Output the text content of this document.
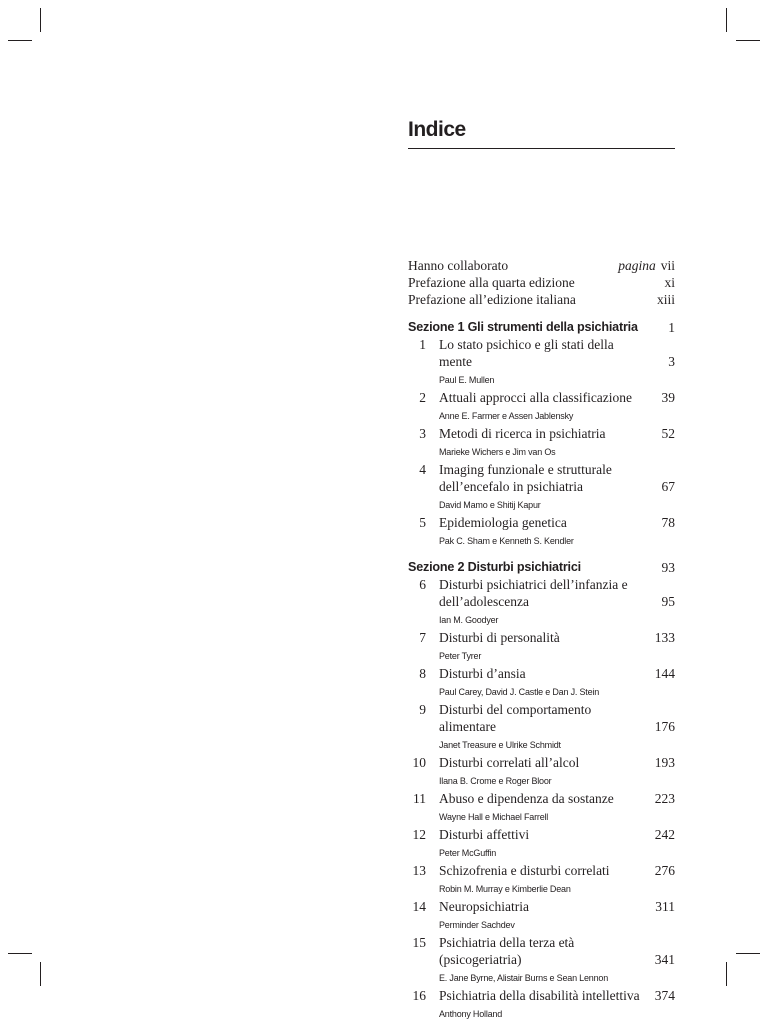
Indice
Hanno collaborato	pagina vii
Prefazione alla quarta edizione	xi
Prefazione all’edizione italiana	xiii
Sezione 1 Gli strumenti della psichiatria 1
1 Lo stato psichico e gli stati della mente	3
Paul E. Mullen
2 Attuali approcci alla classificazione 39
Anne E. Farmer e Assen Jablensky
3 Metodi di ricerca in psichiatria	52
Marieke Wichers e Jim van Os
4 Imaging funzionale e strutturale dell’encefalo in psichiatria	67
David Mamo e Shitij Kapur
5 Epidemiologia genetica	78
Pak C. Sham e Kenneth S. Kendler
Sezione 2 Disturbi psichiatrici	93
6 Disturbi psichiatrici dell’infanzia e dell’adolescenza	95
Ian M. Goodyer
7 Disturbi di personalità	133
Peter Tyrer
8 Disturbi d’ansia	144
Paul Carey, David J. Castle e Dan J. Stein
9 Disturbi del comportamento alimentare	176
Janet Treasure e Ulrike Schmidt
10 Disturbi correlati all’alcol	193
Ilana B. Crome e Roger Bloor
11 Abuso e dipendenza da sostanze	223
Wayne Hall e Michael Farrell
12 Disturbi affettivi	242
Peter McGuffin
13 Schizofrenia e disturbi correlati	276
Robin M. Murray e Kimberlie Dean
14 Neuropsichiatria	311
Perminder Sachdev
15 Psichiatria della terza età (psicogeriatria)	341
E. Jane Byrne, Alistair Burns e Sean Lennon
16 Psichiatria della disabilità intellettiva 374
Anthony Holland
